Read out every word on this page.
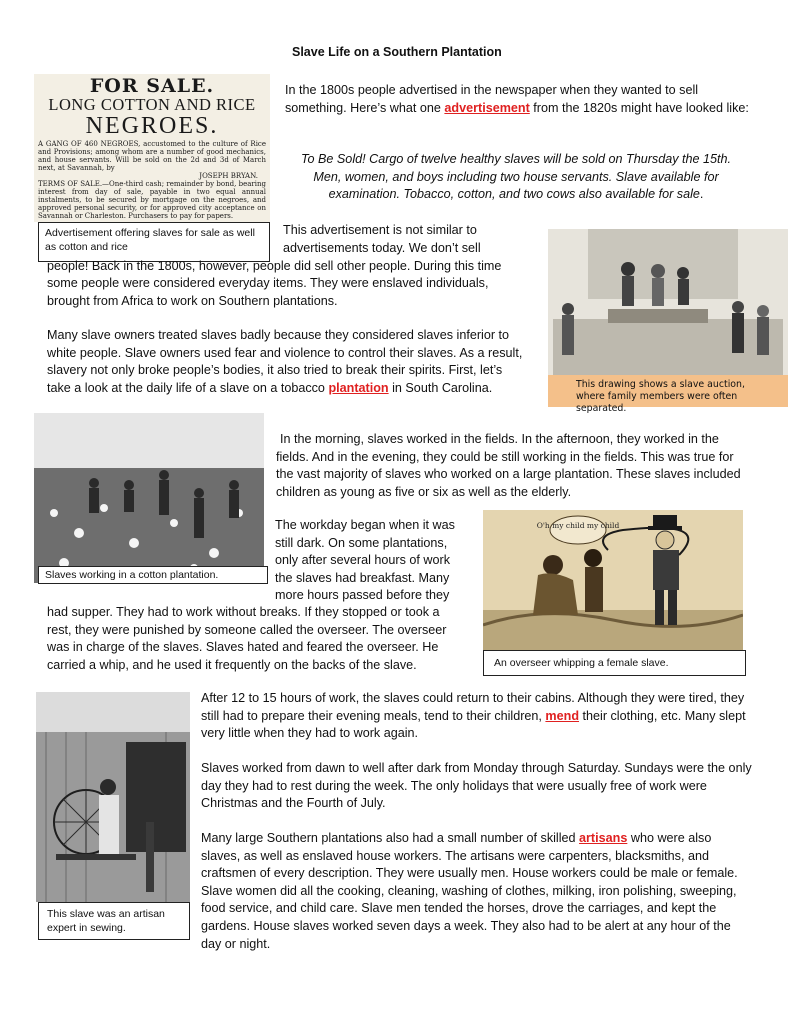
Slave Life on a Southern Plantation
FOR SALE.
LONG COTTON AND RICE
NEGROES.
A GANG OF 460 NEGROES, accustomed to the culture of Rice and Provisions; among whom are a number of good mechanics, and house servants. Will be sold on the 2d and 3d of March next, at Savannah, by
JOSEPH BRYAN.
TERMS OF SALE.—One-third cash; remainder by bond, bearing interest from day of sale, payable in two equal annual instalments, to be secured by mortgage on the negroes, and approved personal security, or for approved city acceptance on Savannah or Charleston. Purchasers to pay for papers.
Advertisement offering slaves for sale as well as cotton and rice

In the 1800s people advertised in the newspaper when they wanted to sell something. Here’s what one advertisement from the 1820s might have looked like:

To Be Sold! Cargo of twelve healthy slaves will be sold on Thursday the 15th. Men, women, and boys including two house servants. Slave available for examination. Tobacco, cotton, and two cows also available for sale.

This advertisement is not similar to

advertisements today. We don’t sell

people! Back in the 1800s, however, people did sell other people. During this time

some people were considered everyday items. They were enslaved individuals,

brought from Africa to work on Southern plantations.

This drawing shows a slave auction, where family members were often separated.

Many slave owners treated slaves badly because they considered slaves inferior to white people. Slave owners used fear and violence to control their slaves. As a result, slavery not only broke people’s bodies, it also tried to break their spirits. First, let’s take a look at the daily life of a slave on a tobacco plantation in South Carolina.

Slaves working in a cotton plantation.

In the morning, slaves worked in the fields. In the afternoon, they worked in the fields. And in the evening, they could be still working in the fields. This was true for the vast majority of slaves who worked on a large plantation. These slaves included children as young as five or six as well as the elderly.

The workday began when it was

still dark. On some plantations,

only after several hours of work

the slaves had breakfast. Many

more hours passed before they

had supper. They had to work without breaks. If they stopped or took a

rest, they were punished by someone called the overseer. The overseer

was in charge of the slaves. Slaves hated and feared the overseer. He

carried a whip, and he used it frequently on the backs of the slave.

O'h my child my child
An overseer whipping a female slave.
This slave was an artisan expert in sewing.

After 12 to 15 hours of work, the slaves could return to their cabins. Although they were tired, they still had to prepare their evening meals, tend to their children, mend their clothing, etc. Many slept very little when they had to work again.

Slaves worked from dawn to well after dark from Monday through Saturday. Sundays were the only day they had to rest during the week. The only holidays that were usually free of work were Christmas and the Fourth of July.

Many large Southern plantations also had a small number of skilled artisans who were also slaves, as well as enslaved house workers. The artisans were carpenters, blacksmiths, and craftsmen of every description. They were usually men. House workers could be male or female. Slave women did all the cooking, cleaning, washing of clothes, milking, iron polishing, sweeping, food service, and child care. Slave men tended the horses, drove the carriages, and kept the gardens. House slaves worked seven days a week. They also had to be alert at any hour of the day or night.
